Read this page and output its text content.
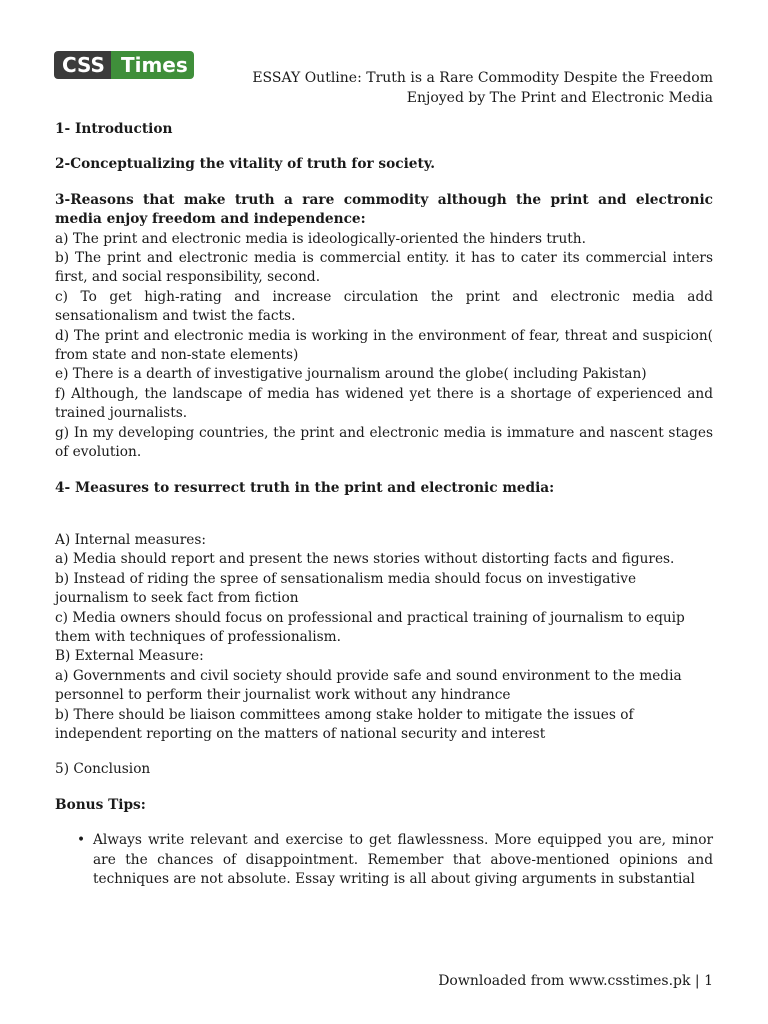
CSS Times
ESSAY Outline: Truth is a Rare Commodity Despite the Freedom
Enjoyed by The Print and Electronic Media

1- Introduction

2-Conceptualizing the vitality of truth for society.

3-Reasons that make truth a rare commodity although the print and electronic media enjoy freedom and independence:

a) The print and electronic media is ideologically-oriented the hinders truth.

b) The print and electronic media is commercial entity. it has to cater its commercial inters first, and social responsibility, second.

c) To get high-rating and increase circulation the print and electronic media add sensationalism and twist the facts.

d) The print and electronic media is working in the environment of fear, threat and suspicion( from state and non-state elements)

e) There is a dearth of investigative journalism around the globe( including Pakistan)

f) Although, the landscape of media has widened yet there is a shortage of experienced and trained journalists.

g) In my developing countries, the print and electronic media is immature and nascent stages of evolution.

4- Measures to resurrect truth in the print and electronic media:

A) Internal measures:

a) Media should report and present the news stories without distorting facts and figures.

b) Instead of riding the spree of sensationalism media should focus on investigative journalism to seek fact from fiction

c) Media owners should focus on professional and practical training of journalism to equip them with techniques of professionalism.

B) External Measure:

a) Governments and civil society should provide safe and sound environment to the media personnel to perform their journalist work without any hindrance

b) There should be liaison committees among stake holder to mitigate the issues of independent reporting on the matters of national security and interest

5) Conclusion

Bonus Tips:

• Always write relevant and exercise to get flawlessness. More equipped you are, minor are the chances of disappointment. Remember that above-mentioned opinions and techniques are not absolute. Essay writing is all about giving arguments in substantial
Downloaded from www.csstimes.pk | 1
